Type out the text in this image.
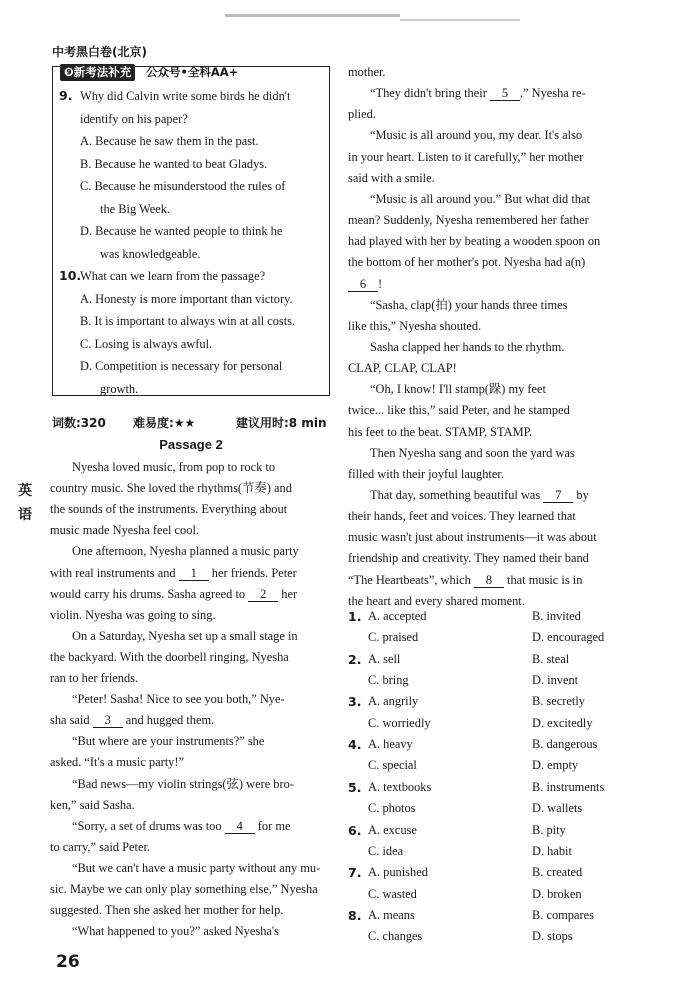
中考黑白卷(北京)
❾新考法补充	公众号•全科AA+
9. Why did Calvin write some birds he didn't
identify on his paper?
A. Because he saw them in the past.
B. Because he wanted to beat Gladys.
C. Because he misunderstood the rules of
the Big Week.
D. Because he wanted people to think he
was knowledgeable.
10.
What can we learn from the passage?
A. Honesty is more important than victory.
B. It is important to always win at all costs.
C. Losing is always awful.
D. Competition is necessary for personal
growth.
词数:320 难易度:★★	建议用时:8 min
Passage 2
英
语
Nyesha loved music, from pop to rock to
country music. She loved the rhythms(节奏) and
the sounds of the instruments. Everything about
music made Nyesha feel cool.
One afternoon, Nyesha planned a music party
with real instruments and 1 her friends. Peter
would carry his drums. Sasha agreed to 2 her
violin. Nyesha was going to sing.
On a Saturday, Nyesha set up a small stage in
the backyard. With the doorbell ringing, Nyesha
ran to her friends.
“Peter! Sasha! Nice to see you both,” Nye-
sha said 3 and hugged them.
“But where are your instruments?” she
asked. “It's a music party!”
“Bad news—my violin strings(弦) were bro-
ken,” said Sasha.
“Sorry, a set of drums was too 4 for me
to carry,” said Peter.
“But we can't have a music party without any mu-
sic. Maybe we can only play something else,” Nyesha
suggested. Then she asked her mother for help.
“What happened to you?” asked Nyesha's
mother.
“They didn't bring their 5 ,” Nyesha re-
plied.
“Music is all around you, my dear. It's also
in your heart. Listen to it carefully,” her mother
said with a smile.
“Music is all around you.” But what did that
mean? Suddenly, Nyesha remembered her father
had played with her by beating a wooden spoon on
the bottom of her mother's pot. Nyesha had a(n)
6 !
“Sasha, clap(拍) your hands three times
like this,” Nyesha shouted.
Sasha clapped her hands to the rhythm.
CLAP, CLAP, CLAP!
“Oh, I know! I'll stamp(跺) my feet
twice... like this,” said Peter, and he stamped
his feet to the beat. STAMP, STAMP.
Then Nyesha sang and soon the yard was
filled with their joyful laughter.
That day, something beautiful was 7 by
their hands, feet and voices. They learned that
music wasn't just about instruments—it was about
friendship and creativity. They named their band
“The Heartbeats”, which 8 that music is in
the heart and every shared moment.
1. A. accepted	B. invited
C. praised	D. encouraged
2. A. sell	B. steal
C. bring	D. invent
3. A. angrily	B. secretly
C. worriedly	D. excitedly
4. A. heavy	B. dangerous
C. special	D. empty
5. A. textbooks	B. instruments
C. photos	D. wallets
6. A. excuse	B. pity
C. idea	D. habit
7. A. punished	B. created
C. wasted	D. broken
8. A. means	B. compares
C. changes	D. stops
26
